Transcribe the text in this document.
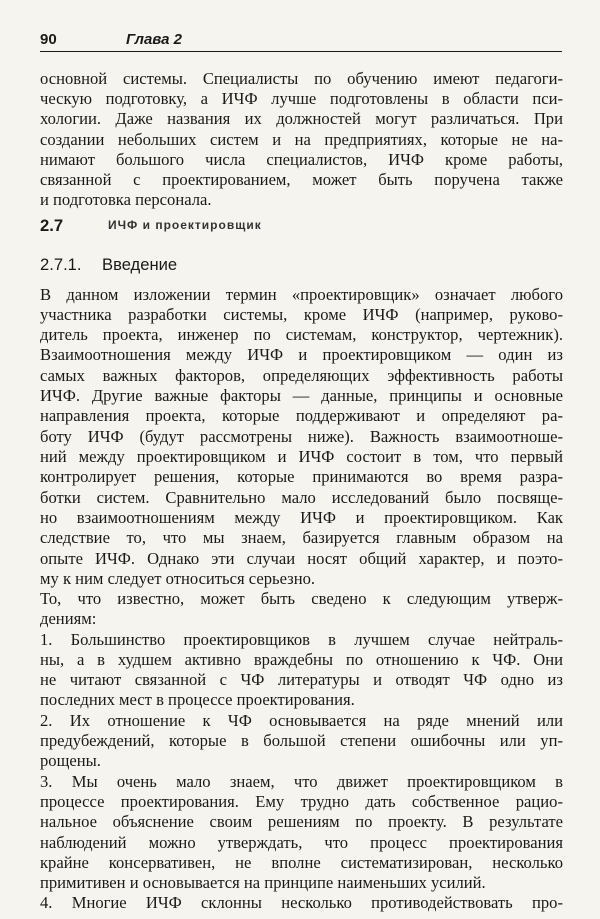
90	Глава 2
основной системы. Специалисты по обучению имеют педагоги-
ческую подготовку, а ИЧФ лучше подготовлены в области пси-
хологии. Даже названия их должностей могут различаться. При
создании небольших систем и на предприятиях, которые не на-
нимают большого числа специалистов, ИЧФ кроме работы,
связанной с проектированием, может быть поручена также
и подготовка персонала.
2.7	ИЧФ и проектировщик
2.7.1. Введение
В данном изложении термин «проектировщик» означает любого
участника разработки системы, кроме ИЧФ (например, руково-
дитель проекта, инженер по системам, конструктор, чертежник).
Взаимоотношения между ИЧФ и проектировщиком — один из
самых важных факторов, определяющих эффективность работы
ИЧФ. Другие важные факторы — данные, принципы и основные
направления проекта, которые поддерживают и определяют ра-
боту ИЧФ (будут рассмотрены ниже). Важность взаимоотноше-
ний между проектировщиком и ИЧФ состоит в том, что первый
контролирует решения, которые принимаются во время разра-
ботки систем. Сравнительно мало исследований было посвяще-
но взаимоотношениям между ИЧФ и проектировщиком. Как
следствие то, что мы знаем, базируется главным образом на
опыте ИЧФ. Однако эти случаи носят общий характер, и поэто-
му к ним следует относиться серьезно.
То, что известно, может быть сведено к следующим утверж-
дениям:
1. Большинство проектировщиков в лучшем случае нейтраль-
ны, а в худшем активно враждебны по отношению к ЧФ. Они
не читают связанной с ЧФ литературы и отводят ЧФ одно из
последних мест в процессе проектирования.
2. Их отношение к ЧФ основывается на ряде мнений или
предубеждений, которые в большой степени ошибочны или уп-
рощены.
3. Мы очень мало знаем, что движет проектировщиком в
процессе проектирования. Ему трудно дать собственное рацио-
нальное объяснение своим решениям по проекту. В результате
наблюдений можно утверждать, что процесс проектирования
крайне консервативен, не вполне систематизирован, несколько
примитивен и основывается на принципе наименьших усилий.
4. Многие ИЧФ склонны несколько противодействовать про-
